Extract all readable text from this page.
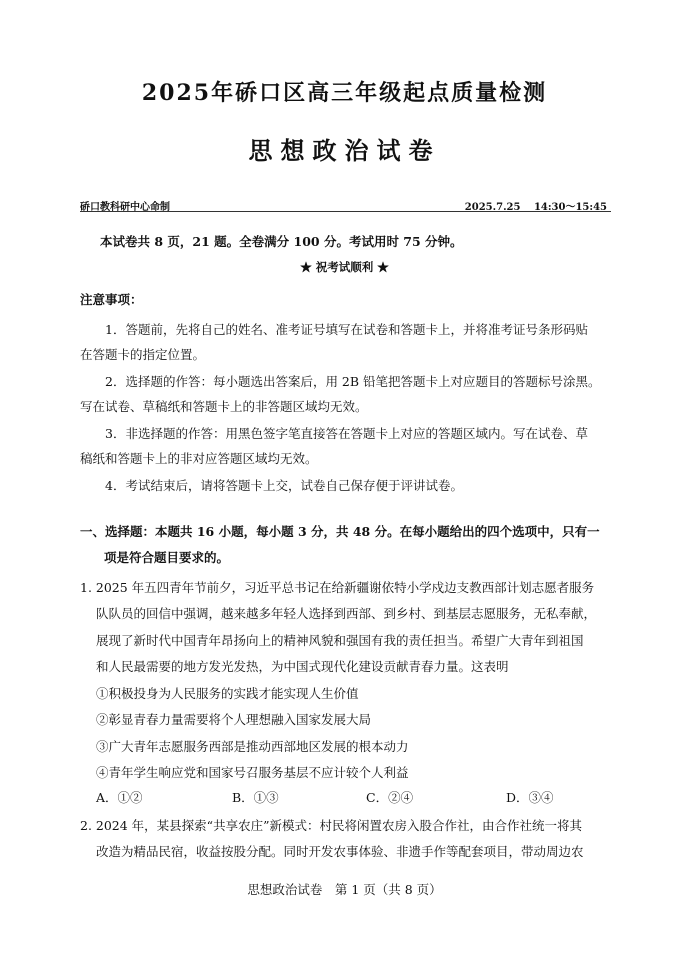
2025年硚口区高三年级起点质量检测
思想政治试卷
硚口教科研中心命制	2025.7.25　 14:30～15:45
本试卷共 8 页，21 题。全卷满分 100 分。考试用时 75 分钟。
★ 祝考试顺利 ★
注意事项：
1．答题前，先将自己的姓名、准考证号填写在试卷和答题卡上，并将准考证号条形码贴
在答题卡的指定位置。
2．选择题的作答：每小题选出答案后，用 2B 铅笔把答题卡上对应题目的答题标号涂黑。
写在试卷、草稿纸和答题卡上的非答题区域均无效。
3．非选择题的作答：用黑色签字笔直接答在答题卡上对应的答题区域内。写在试卷、草
稿纸和答题卡上的非对应答题区域均无效。
4．考试结束后，请将答题卡上交，试卷自己保存便于评讲试卷。
一、选择题：本题共 16 小题，每小题 3 分，共 48 分。在每小题给出的四个选项中，只有一
项是符合题目要求的。
1. 2025 年五四青年节前夕，习近平总书记在给新疆谢依特小学戍边支教西部计划志愿者服务
队队员的回信中强调，越来越多年轻人选择到西部、到乡村、到基层志愿服务，无私奉献，
展现了新时代中国青年昂扬向上的精神风貌和强国有我的责任担当。希望广大青年到祖国
和人民最需要的地方发光发热，为中国式现代化建设贡献青春力量。这表明
①积极投身为人民服务的实践才能实现人生价值
②彰显青春力量需要将个人理想融入国家发展大局
③广大青年志愿服务西部是推动西部地区发展的根本动力
④青年学生响应党和国家号召服务基层不应计较个人利益
A．①②	B．①③	C．②④	D．③④
2. 2024 年，某县探索“共享农庄”新模式：村民将闲置农房入股合作社，由合作社统一将其
改造为精品民宿，收益按股分配。同时开发农事体验、非遗手作等配套项目，带动周边农
思想政治试卷　第 1 页（共 8 页）
